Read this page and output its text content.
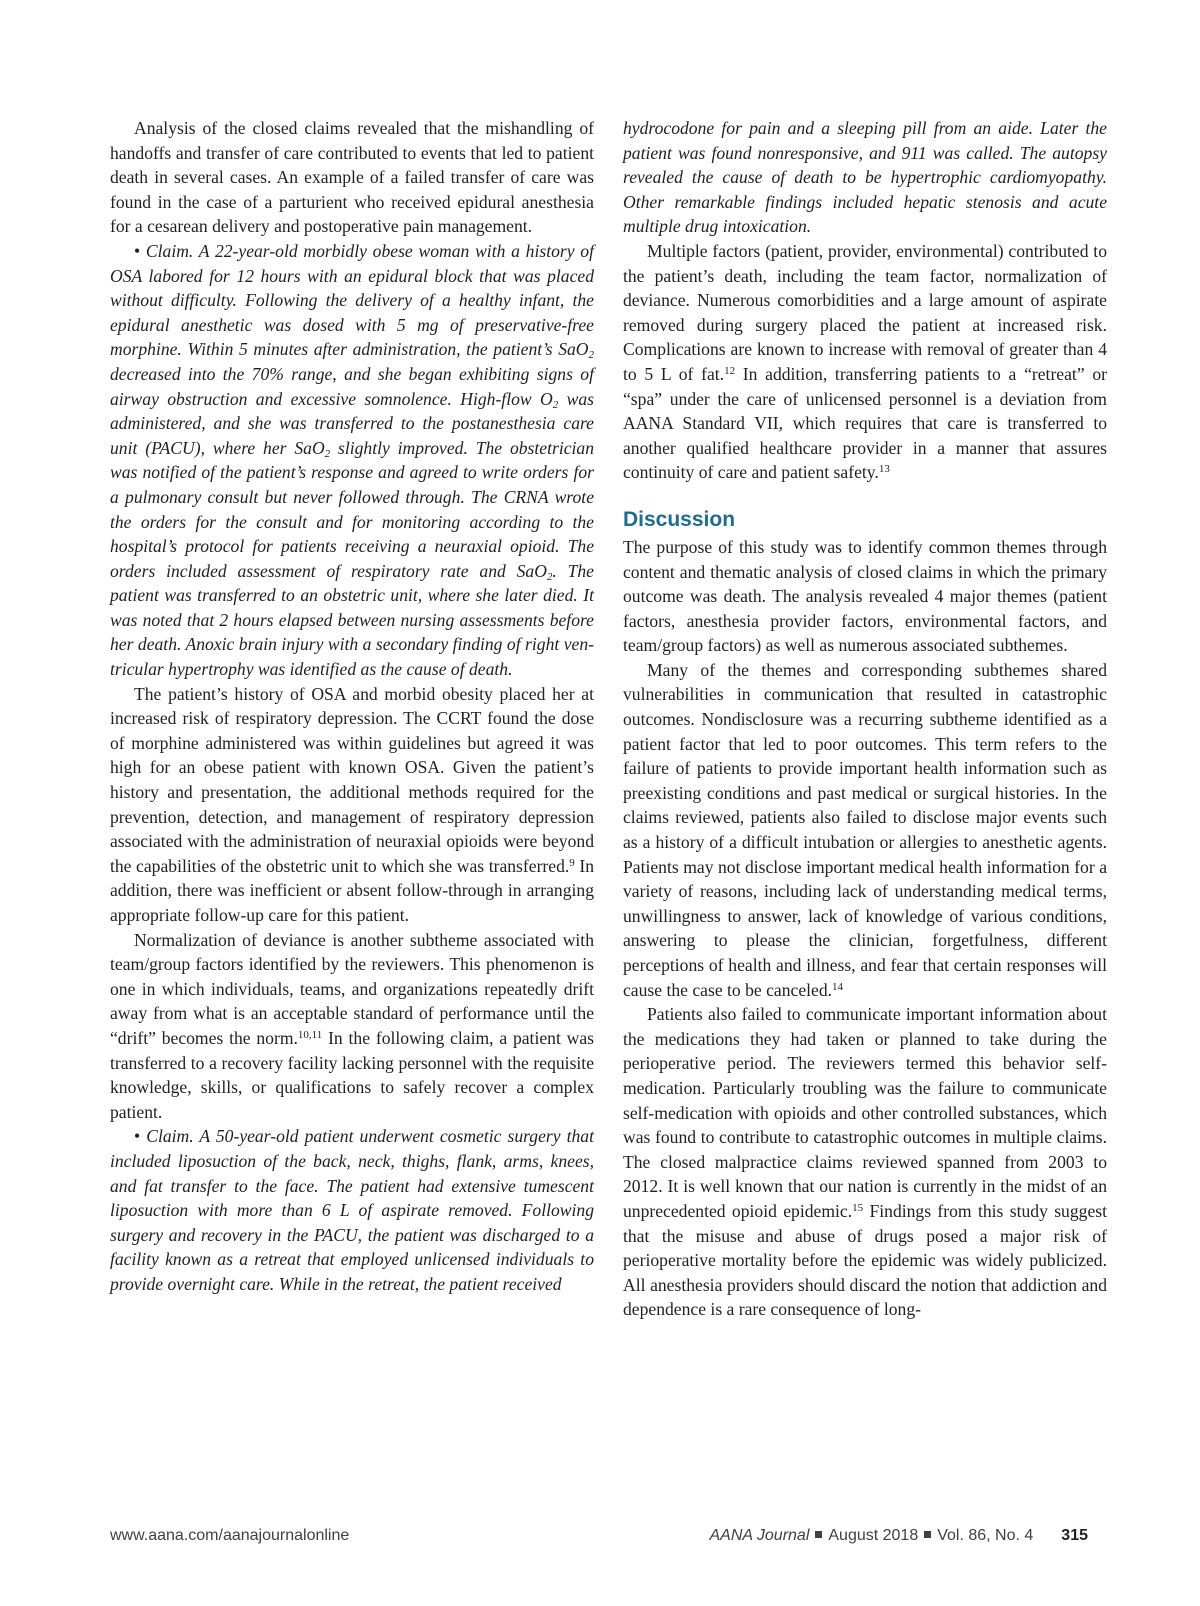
Analysis of the closed claims revealed that the mishandling of handoffs and transfer of care contributed to events that led to patient death in several cases. An example of a failed transfer of care was found in the case of a parturient who received epidural anesthesia for a cesarean delivery and postoperative pain management.

• Claim. A 22-year-old morbidly obese woman with a history of OSA labored for 12 hours with an epidural block that was placed without difficulty. Following the delivery of a healthy infant, the epidural anesthetic was dosed with 5 mg of preservative-free morphine. Within 5 minutes after administration, the patient’s SaO$_2$ decreased into the 70% range, and she began exhibiting signs of airway obstruction and excessive somnolence. High-flow $O_2$ was administered, and she was transferred to the postanesthesia care unit (PACU), where her SaO$_2$ slightly improved. The obstetrician was notified of the patient’s response and agreed to write orders for a pulmonary consult but never followed through. The CRNA wrote the orders for the consult and for monitoring according to the hospital’s protocol for patients receiving a neuraxial opioid. The orders included assessment of respiratory rate and SaO$_2$. The patient was transferred to an obstetric unit, where she later died. It was noted that 2 hours elapsed between nursing assessments before her death. Anoxic brain injury with a secondary finding of right ventricular hypertrophy was identified as the cause of death.

The patient’s history of OSA and morbid obesity placed her at increased risk of respiratory depression. The CCRT found the dose of morphine administered was within guidelines but agreed it was high for an obese patient with known OSA. Given the patient’s history and presentation, the additional methods required for the prevention, detection, and management of respiratory depression associated with the administration of neuraxial opioids were beyond the capabilities of the obstetric unit to which she was transferred.$^9$ In addition, there was inefficient or absent follow-through in arranging appropriate follow-up care for this patient.

Normalization of deviance is another subtheme associated with team/group factors identified by the reviewers. This phenomenon is one in which individuals, teams, and organizations repeatedly drift away from what is an acceptable standard of performance until the “drift” becomes the norm.$^{10,11}$ In the following claim, a patient was transferred to a recovery facility lacking personnel with the requisite knowledge, skills, or qualifications to safely recover a complex patient.

• Claim. A 50-year-old patient underwent cosmetic surgery that included liposuction of the back, neck, thighs, flank, arms, knees, and fat transfer to the face. The patient had extensive tumescent liposuction with more than 6 L of aspirate removed. Following surgery and recovery in the PACU, the patient was discharged to a facility known as a retreat that employed unlicensed individuals to provide overnight care. While in the retreat, the patient received

hydrocodone for pain and a sleeping pill from an aide. Later the patient was found nonresponsive, and 911 was called. The autopsy revealed the cause of death to be hypertrophic cardiomyopathy. Other remarkable findings included hepatic stenosis and acute multiple drug intoxication.

Multiple factors (patient, provider, environmental) contributed to the patient’s death, including the team factor, normalization of deviance. Numerous comorbidities and a large amount of aspirate removed during surgery placed the patient at increased risk. Complications are known to increase with removal of greater than 4 to 5 L of fat.$^{12}$ In addition, transferring patients to a “retreat” or “spa” under the care of unlicensed personnel is a deviation from AANA Standard VII, which requires that care is transferred to another qualified healthcare provider in a manner that assures continuity of care and patient safety.$^{13}$

Discussion

The purpose of this study was to identify common themes through content and thematic analysis of closed claims in which the primary outcome was death. The analysis revealed 4 major themes (patient factors, anesthesia provider factors, environmental factors, and team/​group factors) as well as numerous associated subthemes.

Many of the themes and corresponding subthemes shared vulnerabilities in communication that resulted in catastrophic outcomes. Nondisclosure was a recurring subtheme identified as a patient factor that led to poor outcomes. This term refers to the failure of patients to provide important health information such as preexisting conditions and past medical or surgical histories. In the claims reviewed, patients also failed to disclose major events such as a history of a difficult intubation or allergies to anesthetic agents. Patients may not disclose important medical health information for a variety of reasons, including lack of understanding medical terms, unwillingness to answer, lack of knowledge of various conditions, answering to please the clinician, forgetfulness, different perceptions of health and illness, and fear that certain responses will cause the case to be canceled.$^{14}$

Patients also failed to communicate important information about the medications they had taken or planned to take during the perioperative period. The reviewers termed this behavior self-medication. Particularly troubling was the failure to communicate self-medication with opioids and other controlled substances, which was found to contribute to catastrophic outcomes in multiple claims. The closed malpractice claims reviewed spanned from 2003 to 2012. It is well known that our nation is currently in the midst of an unprecedented opioid epidemic.$^{15}$ Findings from this study suggest that the misuse and abuse of drugs posed a major risk of perioperative mortality before the epidemic was widely publicized. All anesthesia providers should discard the notion that addiction and dependence is a rare consequence of long-

www.aana.com/aanajournalonline	AANA Journal August 2018 Vol. 86, No. 4 315
